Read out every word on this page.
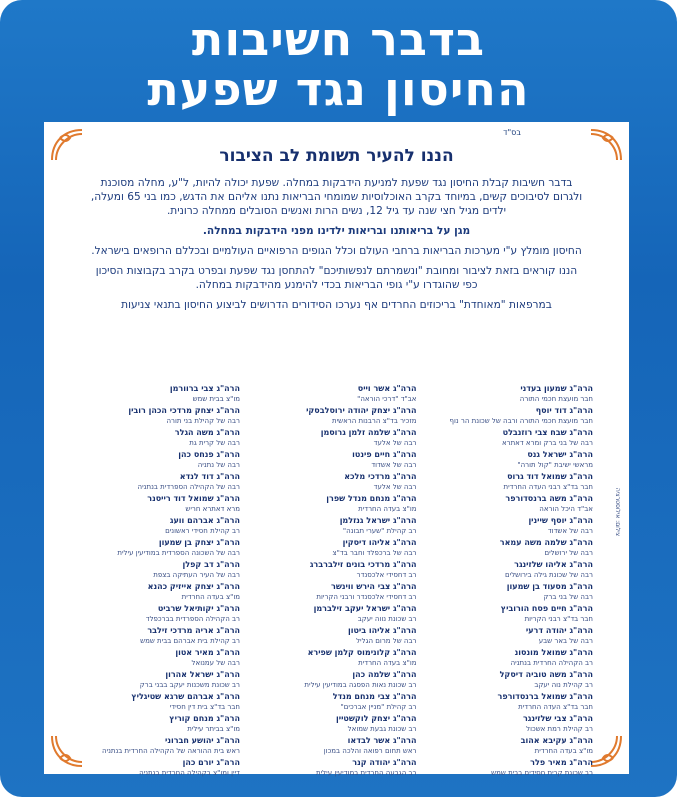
בדבר חשיבות
החיסון נגד שפעת
בס"ד
הננו להעיר תשומת לב הציבור

בדבר חשיבות קבלת החיסון נגד שפעת למניעת הידבקות במחלה. שפעת יכולה להיות, ל"ע, מחלה מסוכנת ולגרום לסיבוכים קשים, במיוחד בקרב האוכלוסיות שמומחי הבריאות נתנו אליהם את הדגש, כמו בני 65 ומעלה, ילדים מגיל חצי שנה עד גיל 12, נשים הרות ואנשים הסובלים ממחלה כרונית.

מגן על בריאותנו ובריאות ילדינו מפני הידבקות במחלה.

החיסון מומלץ ע"י מערכות הבריאות ברחבי העולם וכלל הגופים הרפואיים העולמיים ובכללם הרופאים בישראל.

הננו קוראים בזאת לציבור ומחובת "ונשמרתם לנפשותיכם" להתחסן נגד שפעת ובפרט בקרב בקבוצות הסיכון כפי שהוגדרו ע"י גופי הבריאות בכדי להימנע מהידבקות במחלה.

במרפאות "מאוחדת" בריכוזים החרדים אף נערכו הסידורים הדרושים לביצוע החיסון בתנאי צניעות

הרה"ג שמעון בעדני
חבר מועצת חכמי התורה
הרה"ג דוד יוסף
חבר מועצת חכמי התורה ורבה של שכונת הר נוף
הרה"ג שבח צבי רוזנבלט
רבה של בני ברק ומרא דאתרא
הרה"ג ישראל גנס
מראשי ישיבת "קול תורה"
הרה"ג שמואל דוד גרוס
חבר בד"צ רבני העדה החרדית
הרה"ג משה ברנסדורפר
אב"ד היכל הוראה
הרה"ג יוסף שיינין
רבה של אשדוד
הרה"ג שלמה משה עמאר
רבה של ירושלים
הרה"ג אליהו שלזינגר
רבה של שכונת גילה בירושלים
הרה"ג מסעוד בן שמעון
רבה של בני ברק
הרה"ג חיים פסח הורוביץ
חבר בד"צ רבני הקריות
הרה"ג יהודה דרעי
רבה של באר שבע
הרה"ג שמואל מונסונ
רב הקהילה החרדית בנתניה
הרה"ג משה טוביה דיסקל
רב קהילת נוה יעקב
הרה"ג שמואל ברנסדורפר
חבר בד"צ העדה החרדית
הרה"ג צבי שלזינגר
רב קהילת רמת אשכול
הרה"ג עקיבא אהוב
מו"צ בעדה החרדית
הרה"ג מאיר פלר
רב שכונת קרית חסידים בבית שמש
הרה"ג אשר וייס
אב"ד "דרכי הוראה"
הרה"ג יצחק יהודה ירוסלבסקי
מזכיר בד"צ הרבנות הראשית
הרה"ג שלמה זלמן גרוסמן
רבה של אלעד
הרה"ג חיים פינטו
רבה של אשדוד
הרה"ג מרדכי מלכא
רבה של אלעד
הרה"ג מנחם מנדל שפרן
מו"צ בעדה החרדית
הרה"ג ישראל גנזלמן
רב קהילת "שערי תבונה"
הרה"ג אליהו דיסקין
רבה של ברכפלד וחבר בד"צ
הרה"ג מרדכי בונים זילברברג
רב דחסידי אלכסנדר
הרה"ג צבי הירש ווינשר
רב דחסידי אלכסנדר ורבני הקריות
הרה"ג ישראל יעקב זילברמן
רב שכונת נווה יעקב
הרה"ג אליהו ביטון
רבה של מרום הגליל
הרה"ג קלונימוס קלמן שפירא
מו"צ בעדה החרדית
הרה"ג שלמה כהן
רב שכונת נאות הפסגה במודיעין עילית
הרה"ג צבי מנחם מנדל
רב קהילת "מניין אברכים"
הרה"ג יצחק לוקשטיין
רב שכונת גבעת שמואל
הרה"ג אשר לבדאו
ראש תחום רפואה והלכה במכון
הרה"ג יהודה קנר
רב הגבעה החרדית במודיעין עילית
הרה"ג צבי ברוורמן
מו"צ בבית שמש
הרה"ג יצחק מרדכי הכהן רובין
רבה של קהילת בני תורה
הרה"ג משה הגלר
רבה של קרית גת
הרה"ג פנחס כהן
רבה של נתניה
הרה"ג דוד לנדא
רבה של הקהילה הספרדית בנתניה
הרה"ג שמואל דוד רייסנר
מרא דאתרא חריש
הרה"ג אברהם וועג
רב קהילת חסידי ראשונים
הרה"ג יצחק בן שמעון
רבה של השכונה הספרדית במודיעין עילית
הרה"ג דב קפלן
רבה של העיר העתיקה בצפת
הרה"ג יצחק אייזיק כהנא
מו"צ בעדה החרדית
הרה"ג יקותיאל שרביט
רב הקהילה הספרדית בברכפלד
הרה"ג אריה מרדכי זילבר
רב קהילת בית אברהם בבית שמש
הרה"ג מאיר אטון
רבה של עמנואל
הרה"ג ישראל אהרון
רב שכונת משכנות יעקב בבני ברק
הרה"ג אברהם שרגא שטיגליץ
חבר בד"צ בית דין חסידי
הרה"ג מנחם קוריץ
מו"צ בביתר עילית
הרה"ג יהושע חברוני
ראש בית ההוראה של הקהילה החרדית בנתניה
הרה"ג יורם כהן
דיין ומו"צ בקהילה החרדית בנתניה
צילום: אילוסטרציה
